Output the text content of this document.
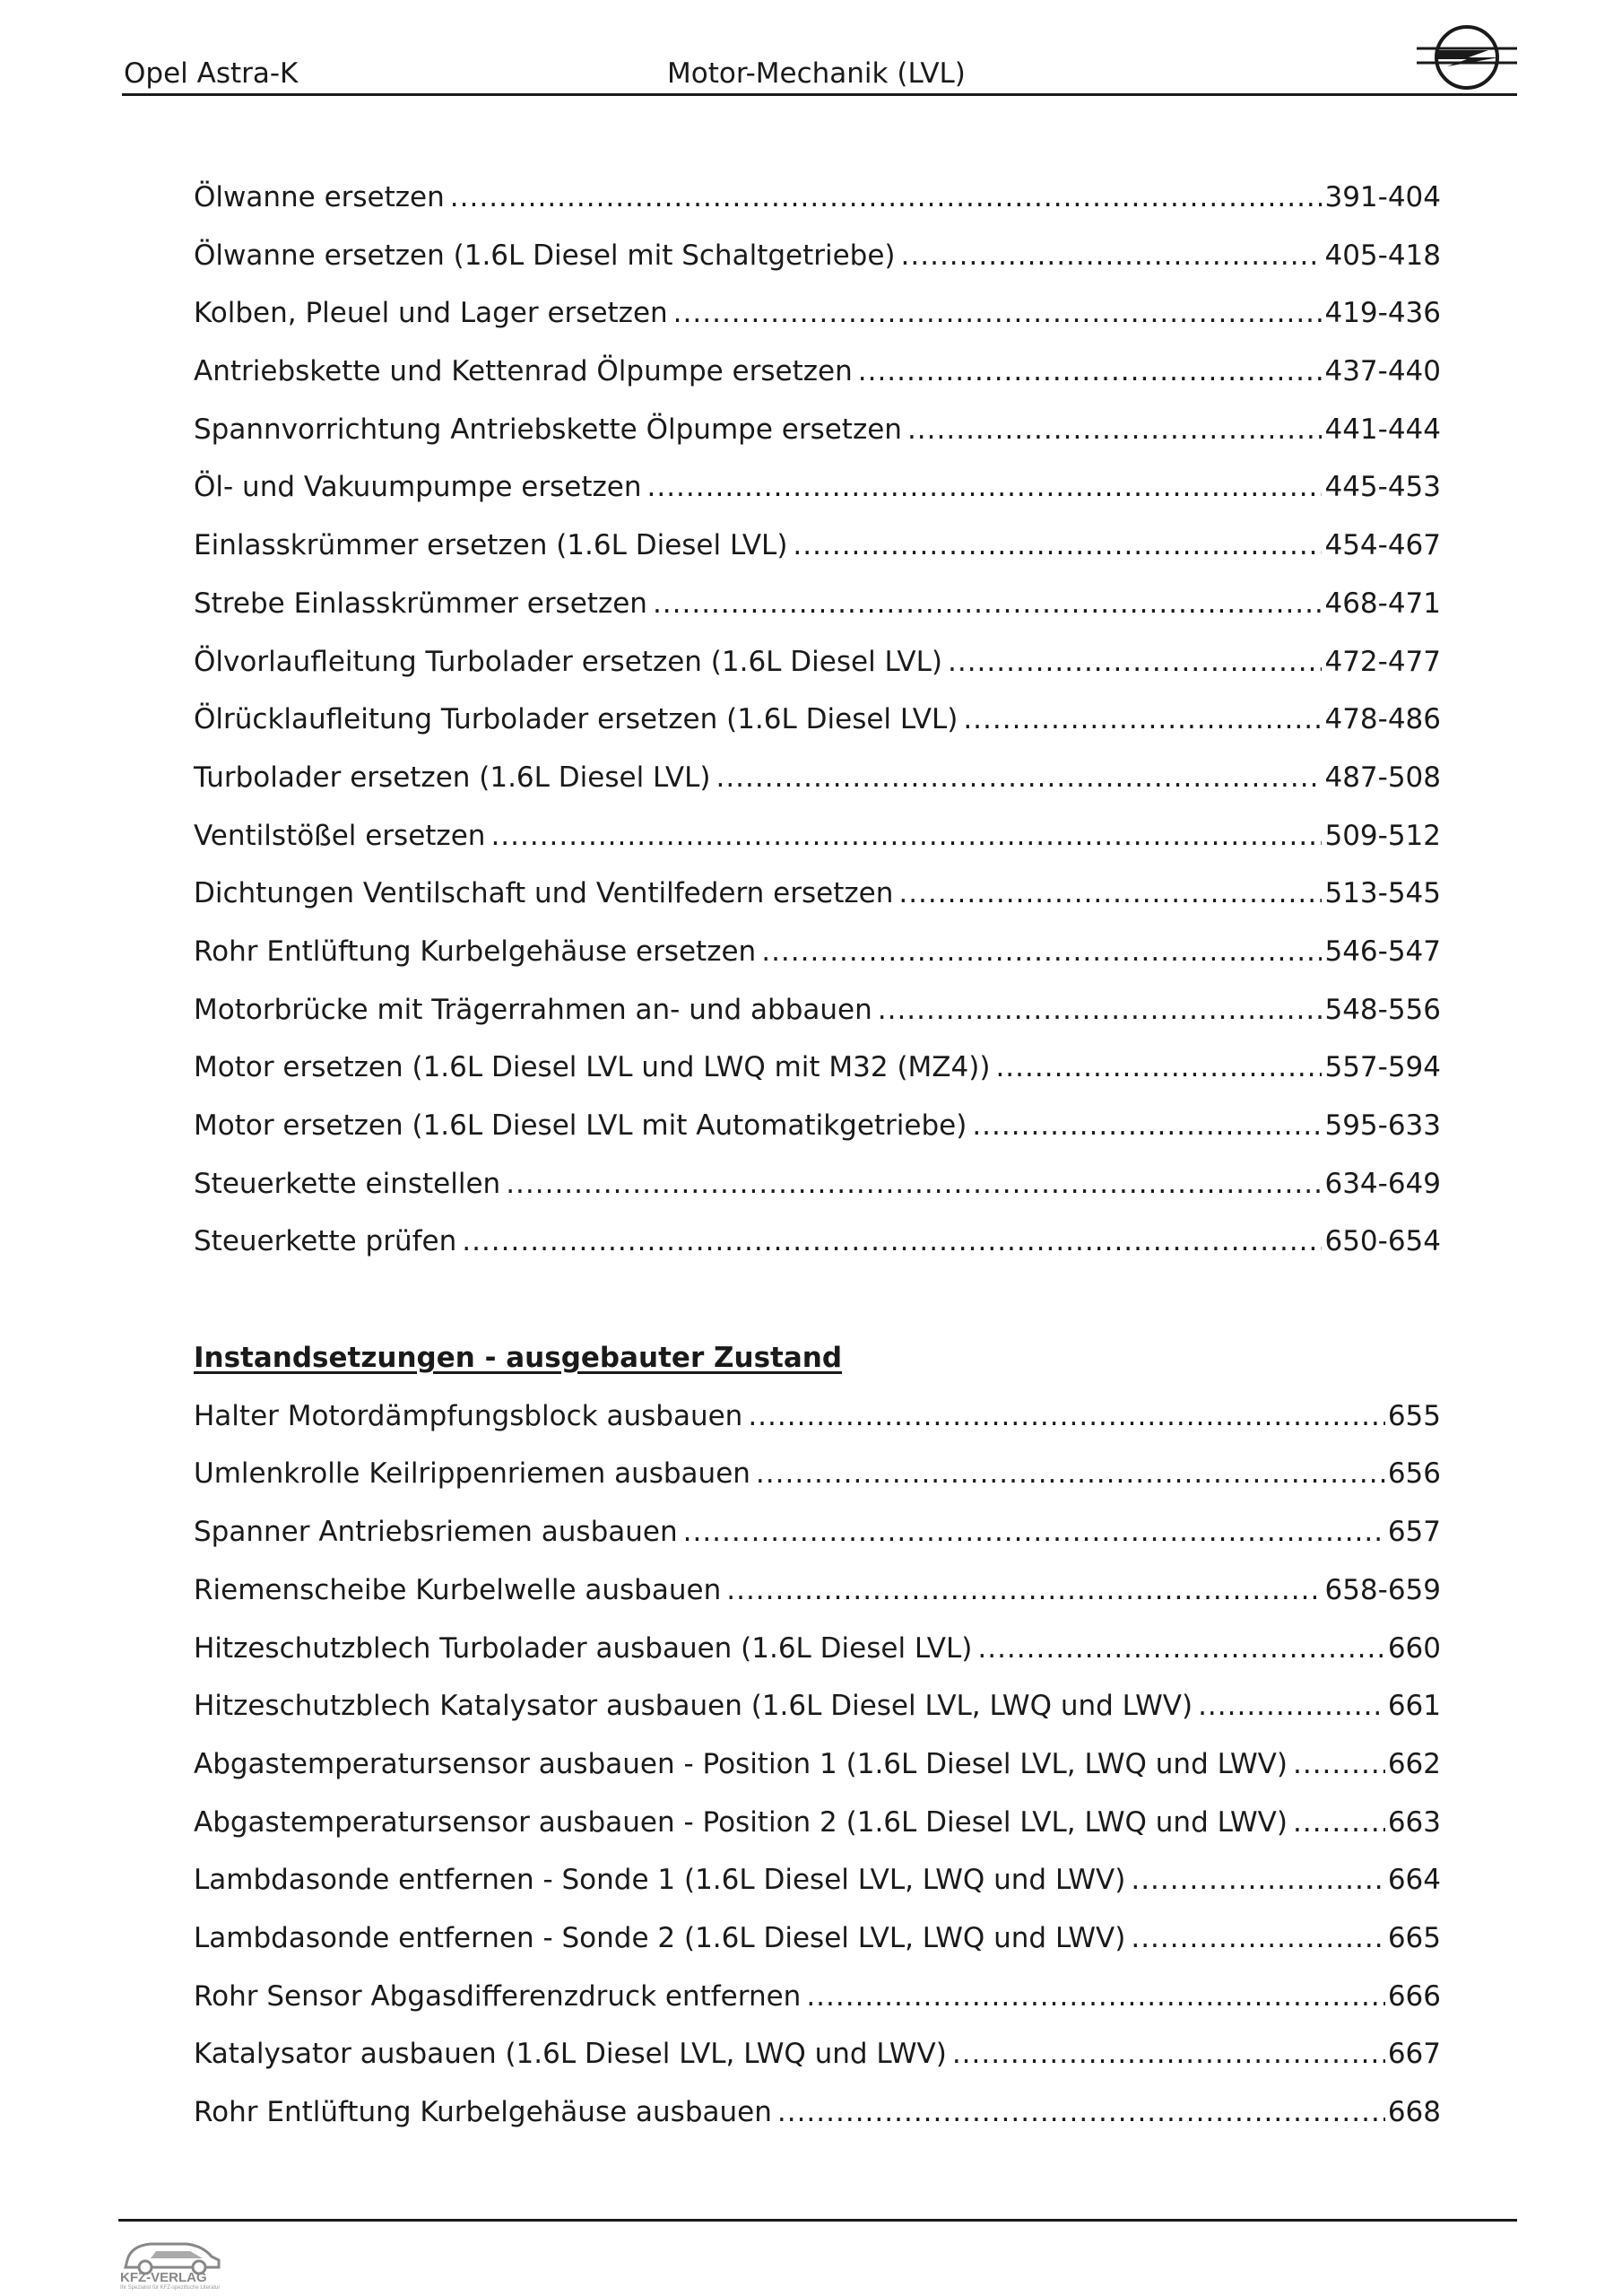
Opel Astra-K	Motor-Mechanik (LVL)
Ölwanne ersetzen .....	391-404
Ölwanne ersetzen (1.6L Diesel mit Schaltgetriebe) .....	405-418
Kolben, Pleuel und Lager ersetzen .....	419-436
Antriebskette und Kettenrad Ölpumpe ersetzen .....	437-440
Spannvorrichtung Antriebskette Ölpumpe ersetzen .....	441-444
Öl- und Vakuumpumpe ersetzen .....	445-453
Einlasskrümmer ersetzen (1.6L Diesel LVL) .....	454-467
Strebe Einlasskrümmer ersetzen .....	468-471
Ölvorlaufleitung Turbolader ersetzen (1.6L Diesel LVL) .....	472-477
Ölrücklaufleitung Turbolader ersetzen (1.6L Diesel LVL) .....	478-486
Turbolader ersetzen (1.6L Diesel LVL) .....	487-508
Ventilstößel ersetzen .....	509-512
Dichtungen Ventilschaft und Ventilfedern ersetzen .....	513-545
Rohr Entlüftung Kurbelgehäuse ersetzen .....	546-547
Motorbrücke mit Trägerrahmen an- und abbauen .....	548-556
Motor ersetzen (1.6L Diesel LVL und LWQ mit M32 (MZ4)) .....	557-594
Motor ersetzen (1.6L Diesel LVL mit Automatikgetriebe) .....	595-633
Steuerkette einstellen .....	634-649
Steuerkette prüfen .....	650-654
Instandsetzungen - ausgebauter Zustand
Halter Motordämpfungsblock ausbauen .....	655
Umlenkrolle Keilrippenriemen ausbauen .....	656
Spanner Antriebsriemen ausbauen .....	657
Riemenscheibe Kurbelwelle ausbauen .....	658-659
Hitzeschutzblech Turbolader ausbauen (1.6L Diesel LVL) .....	660
Hitzeschutzblech Katalysator ausbauen (1.6L Diesel LVL, LWQ und LWV) .....	661
Abgastemperatursensor ausbauen - Position 1 (1.6L Diesel LVL, LWQ und LWV) .....	662
Abgastemperatursensor ausbauen - Position 2 (1.6L Diesel LVL, LWQ und LWV) .....	663
Lambdasonde entfernen - Sonde 1 (1.6L Diesel LVL, LWQ und LWV) .....	664
Lambdasonde entfernen - Sonde 2 (1.6L Diesel LVL, LWQ und LWV) .....	665
Rohr Sensor Abgasdifferenzdruck entfernen .....	666
Katalysator ausbauen (1.6L Diesel LVL, LWQ und LWV) .....	667
Rohr Entlüftung Kurbelgehäuse ausbauen .....	668
KFZ-VERLAG
Ihr Spezialist für KFZ-spezifische Literatur
